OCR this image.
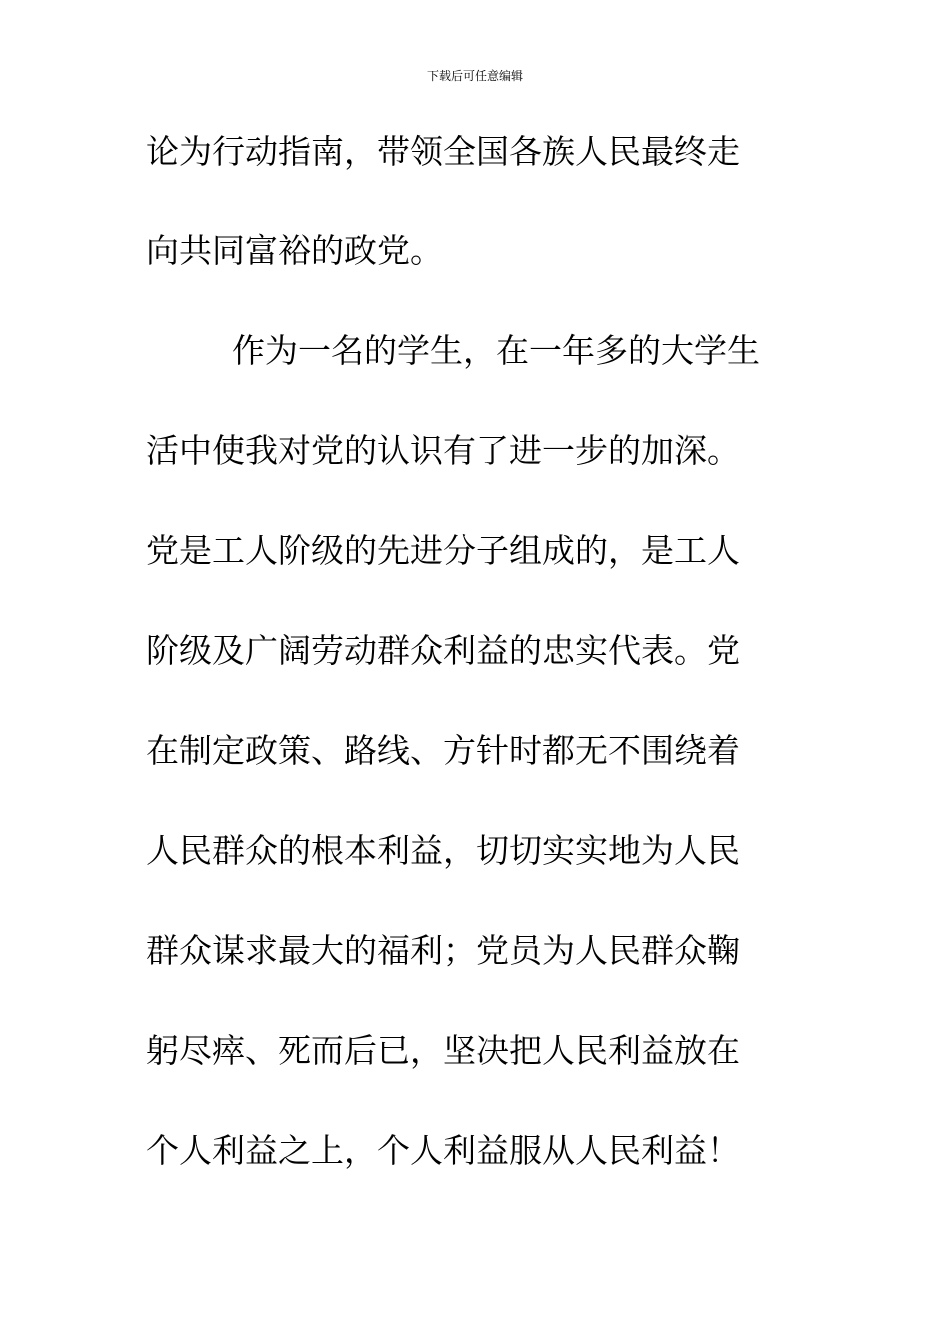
下载后可任意编辑
论为行动指南，带领全国各族人民最终走
向共同富裕的政党。
作为一名的学生，在一年多的大学生
活中使我对党的认识有了进一步的加深。
党是工人阶级的先进分子组成的，是工人
阶级及广阔劳动群众利益的忠实代表。党
在制定政策、路线、方针时都无不围绕着
人民群众的根本利益，切切实实地为人民
群众谋求最大的福利；党员为人民群众鞠
躬尽瘁、死而后已，坚决把人民利益放在
个人利益之上，个人利益服从人民利益！
